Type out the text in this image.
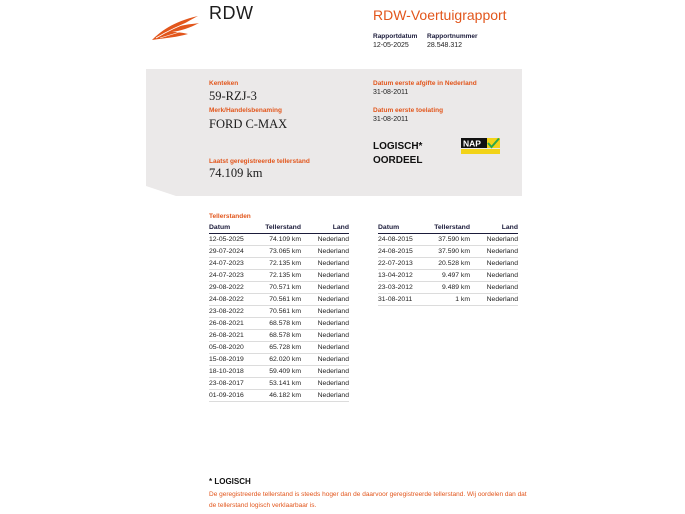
RDW	RDW-Voertuigrapport
Rapportdatum
12-05-2025
Rapportnummer
28.548.312
Kenteken
59-RZJ-3
Merk/Handelsbenaming
FORD C-MAX
Laatst geregistreerde tellerstand
74.109 km
Datum eerste afgifte in Nederland
31-08-2011
Datum eerste toelating
31-08-2011
LOGISCH*
OORDEEL
NAP
Tellerstanden
Datum	Tellerstand	Land
12-05-2025	74.109 km	Nederland
29-07-2024	73.065 km	Nederland
24-07-2023	72.135 km	Nederland
24-07-2023	72.135 km	Nederland
29-08-2022	70.571 km	Nederland
24-08-2022	70.561 km	Nederland
23-08-2022	70.561 km	Nederland
26-08-2021	68.578 km	Nederland
26-08-2021	68.578 km	Nederland
05-08-2020	65.728 km	Nederland
15-08-2019	62.020 km	Nederland
18-10-2018	59.409 km	Nederland
23-08-2017	53.141 km	Nederland
01-09-2016	46.182 km	Nederland
Datum	Tellerstand	Land
24-08-2015	37.590 km	Nederland
24-08-2015	37.590 km	Nederland
22-07-2013	20.528 km	Nederland
13-04-2012	9.497 km	Nederland
23-03-2012	9.489 km	Nederland
31-08-2011	1 km	Nederland
* LOGISCH
De geregistreerde tellerstand is steeds hoger dan de daarvoor geregistreerde tellerstand. Wij oordelen dan dat de tellerstand logisch verklaarbaar is.
